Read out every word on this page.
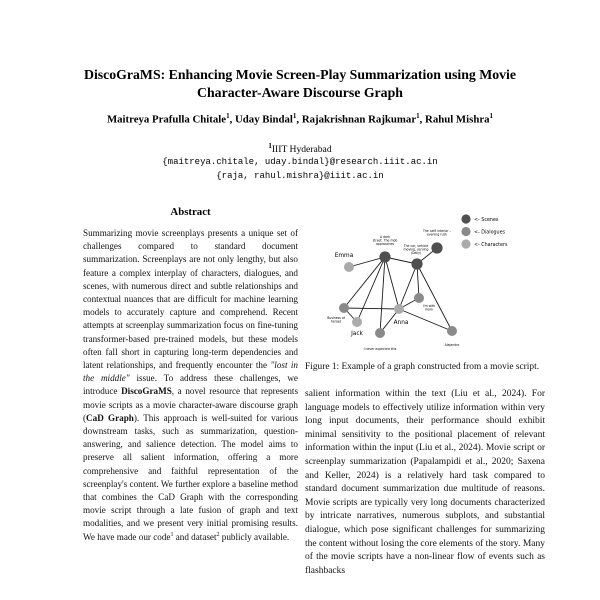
DiscoGraMS: Enhancing Movie Screen-Play Summarization using Movie
Character-Aware Discourse Graph
Maitreya Prafulla Chitale$^1$, Uday Bindal$^1$, Rajakrishnan Rajkumar$^1$, Rahul Mishra$^1$
$^1$IIIT Hyderabad
{maitreya.chitale, uday.bindal}@research.iiit.ac.in
{raja, rahul.mishra}@iiit.ac.in
Abstract
Summarizing movie screenplays presents a unique set of challenges compared to standard document summarization. Screenplays are not only lengthy, but also feature a complex interplay of characters, dialogues, and scenes, with numerous direct and subtle relationships and contextual nuances that are difficult for machine learning models to accurately capture and comprehend. Recent attempts at screenplay summarization focus on fine-tuning transformer-based pre-trained models, but these models often fall short in capturing long-term dependencies and latent relationships, and frequently encounter the "lost in the middle" issue. To address these challenges, we introduce DiscoGraMS, a novel resource that represents movie scripts as a movie character-aware discourse graph (CaD Graph). This approach is well-suited for various downstream tasks, such as summarization, question-answering, and salience detection. The model aims to preserve all salient information, offering a more comprehensive and faithful representation of the screenplay's content. We further explore a baseline method that combines the CaD Graph with the corresponding movie script through a late fusion of graph and text modalities, and we present very initial promising results. We have made our code$^1$ and dataset$^2$ publicly available.
A dark
street. The mob
approaches	The car, vehicle
moving, serving
(Daily)
The café interior –
evening rush
Emma
Jack
Anna
Business of
heroes
I never expected this
I'm with
mom
Alejandro
<- Scenes
<- Dialogues
<- Characters
Figure 1: Example of a graph constructed from a movie script.
salient information within the text (Liu et al., 2024). For language models to effectively utilize information within very long input documents, their performance should exhibit minimal sensitivity to the positional placement of relevant information within the input (Liu et al., 2024). Movie script or screenplay summarization (Papalampidi et al., 2020; Saxena and Keller, 2024) is a relatively hard task compared to standard document summarization due multitude of reasons. Movie scripts are typically very long documents characterized by intricate narratives, numerous subplots, and substantial dialogue, which pose significant challenges for summarizing the content without losing the core elements of the story. Many of the movie scripts have a non-linear flow of events such as flashbacks
